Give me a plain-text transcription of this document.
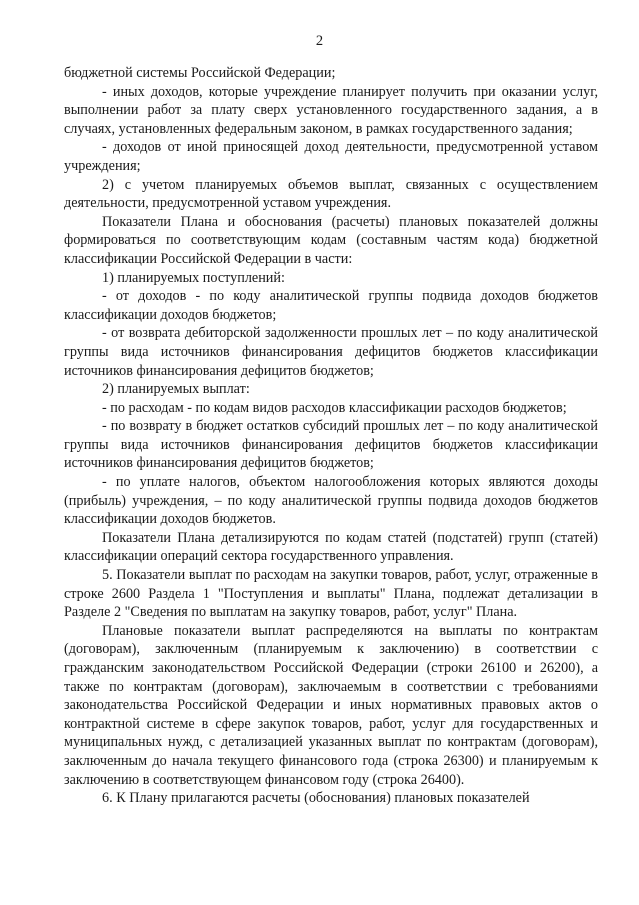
2

бюджетной системы Российской Федерации;

- иных доходов, которые учреждение планирует получить при оказании услуг, выполнении работ за плату сверх установленного государственного задания, а в случаях, установленных федеральным законом, в рамках государственного задания;

- доходов от иной приносящей доход деятельности, предусмотренной уставом учреждения;

2) с учетом планируемых объемов выплат, связанных с осуществлением деятельности, предусмотренной уставом учреждения.

Показатели Плана и обоснования (расчеты) плановых показателей должны формироваться по соответствующим кодам (составным частям кода) бюджетной классификации Российской Федерации в части:

1) планируемых поступлений:

- от доходов - по коду аналитической группы подвида доходов бюджетов классификации доходов бюджетов;

- от возврата дебиторской задолженности прошлых лет – по коду аналитической группы вида источников финансирования дефицитов бюджетов классификации источников финансирования дефицитов бюджетов;

2) планируемых выплат:

- по расходам - по кодам видов расходов классификации расходов бюджетов;

- по возврату в бюджет остатков субсидий прошлых лет – по коду аналитической группы вида источников финансирования дефицитов бюджетов классификации источников финансирования дефицитов бюджетов;

- по уплате налогов, объектом налогообложения которых являются доходы (прибыль) учреждения, – по коду аналитической группы подвида доходов бюджетов классификации доходов бюджетов.

Показатели Плана детализируются по кодам статей (подстатей) групп (статей) классификации операций сектора государственного управления.

5. Показатели выплат по расходам на закупки товаров, работ, услуг, отраженные в строке 2600 Раздела 1 "Поступления и выплаты" Плана, подлежат детализации в Разделе 2 "Сведения по выплатам на закупку товаров, работ, услуг" Плана.

Плановые показатели выплат распределяются на выплаты по контрактам (договорам), заключенным (планируемым к заключению) в соответствии с гражданским законодательством Российской Федерации (строки 26100 и 26200), а также по контрактам (договорам), заключаемым в соответствии с требованиями законодательства Российской Федерации и иных нормативных правовых актов о контрактной системе в сфере закупок товаров, работ, услуг для государственных и муниципальных нужд, с детализацией указанных выплат по контрактам (договорам), заключенным до начала текущего финансового года (строка 26300) и планируемым к заключению в соответствующем финансовом году (строка 26400).

6. К Плану прилагаются расчеты (обоснования) плановых показателей
